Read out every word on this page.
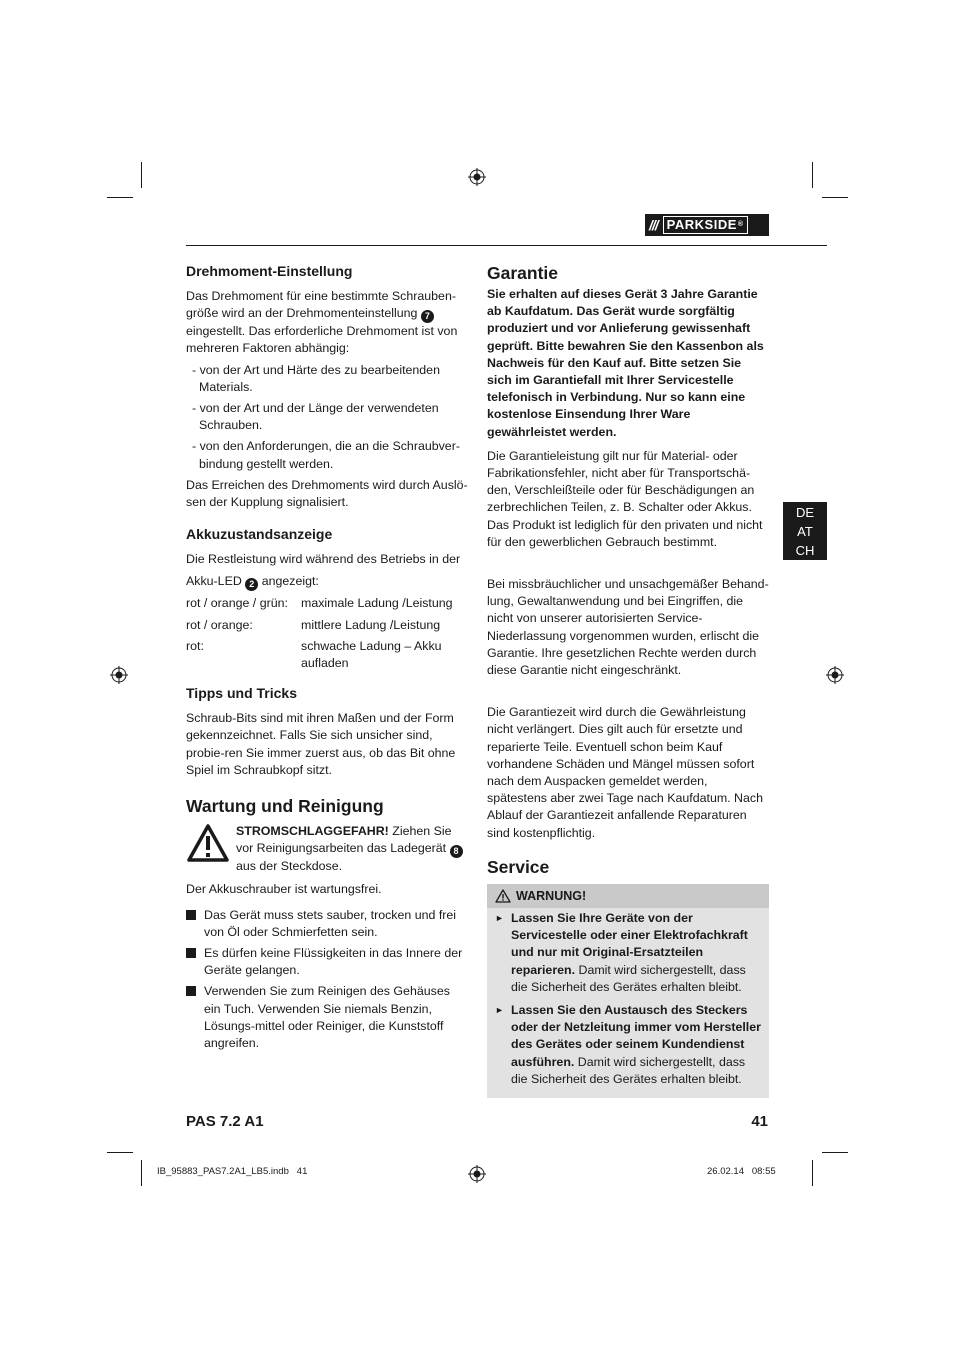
/// PARKSIDE®
DE
AT
CH
Drehmoment-Einstellung

Das Drehmoment für eine bestimmte Schrauben-größe wird an der Drehmomenteinstellung 7 eingestellt. Das erforderliche Drehmoment ist von mehreren Faktoren abhängig:

- von der Art und Härte des zu bearbeitenden Materials.

- von der Art und der Länge der verwendeten Schrauben.

- von den Anforderungen, die an die Schraubver-bindung gestellt werden.

Das Erreichen des Drehmoments wird durch Auslö-sen der Kupplung signalisiert.

Akkuzustandsanzeige

Die Restleistung wird während des Betriebs in der

Akku-LED 2 angezeigt:

rot / orange / grün:	maximale Ladung /Leistung
rot / orange:	mittlere Ladung /Leistung
rot:	schwache Ladung – Akku aufladen
Tipps und Tricks

Schraub-Bits sind mit ihren Maßen und der Form gekennzeichnet. Falls Sie sich unsicher sind, probie-ren Sie immer zuerst aus, ob das Bit ohne Spiel im Schraubkopf sitzt.

Wartung und Reinigung
STROMSCHLAGGEFAHR! Ziehen Sie vor Reinigungsarbeiten das Ladegerät 8 aus der Steckdose.

Der Akkuschrauber ist wartungsfrei.

Das Gerät muss stets sauber, trocken und frei von Öl oder Schmierfetten sein.
Es dürfen keine Flüssigkeiten in das Innere der Geräte gelangen.
Verwenden Sie zum Reinigen des Gehäuses ein Tuch. Verwenden Sie niemals Benzin, Lösungs-mittel oder Reiniger, die Kunststoff angreifen.
Garantie

Sie erhalten auf dieses Gerät 3 Jahre Garantie ab Kaufdatum. Das Gerät wurde sorgfältig produziert und vor Anlieferung gewissenhaft geprüft. Bitte bewahren Sie den Kassenbon als Nachweis für den Kauf auf. Bitte setzen Sie sich im Garantiefall mit Ihrer Servicestelle telefonisch in Verbindung. Nur so kann eine kostenlose Einsendung Ihrer Ware gewährleistet werden.

Die Garantieleistung gilt nur für Material- oder Fabrikationsfehler, nicht aber für Transportschä-den, Verschleißteile oder für Beschädigungen an zerbrechlichen Teilen, z. B. Schalter oder Akkus. Das Produkt ist lediglich für den privaten und nicht für den gewerblichen Gebrauch bestimmt.

Bei missbräuchlicher und unsachgemäßer Behand-lung, Gewaltanwendung und bei Eingriffen, die nicht von unserer autorisierten Service-Niederlassung vorgenommen wurden, erlischt die Garantie. Ihre gesetzlichen Rechte werden durch diese Garantie nicht eingeschränkt.

Die Garantiezeit wird durch die Gewährleistung nicht verlängert. Dies gilt auch für ersetzte und reparierte Teile. Eventuell schon beim Kauf vorhandene Schäden und Mängel müssen sofort nach dem Auspacken gemeldet werden, spätestens aber zwei Tage nach Kaufdatum. Nach Ablauf der Garantiezeit anfallende Reparaturen sind kostenpflichtig.

Service
WARNUNG!
► Lassen Sie Ihre Geräte von der Servicestelle oder einer Elektrofachkraft und nur mit Original-Ersatzteilen reparieren. Damit wird sichergestellt, dass die Sicherheit des Gerätes erhalten bleibt.
► Lassen Sie den Austausch des Steckers oder der Netzleitung immer vom Hersteller des Gerätes oder seinem Kundendienst ausführen. Damit wird sichergestellt, dass die Sicherheit des Gerätes erhalten bleibt.
PAS 7.2 A1	41
IB_95883_PAS7.2A1_LB5.indb   41	26.02.14   08:55
